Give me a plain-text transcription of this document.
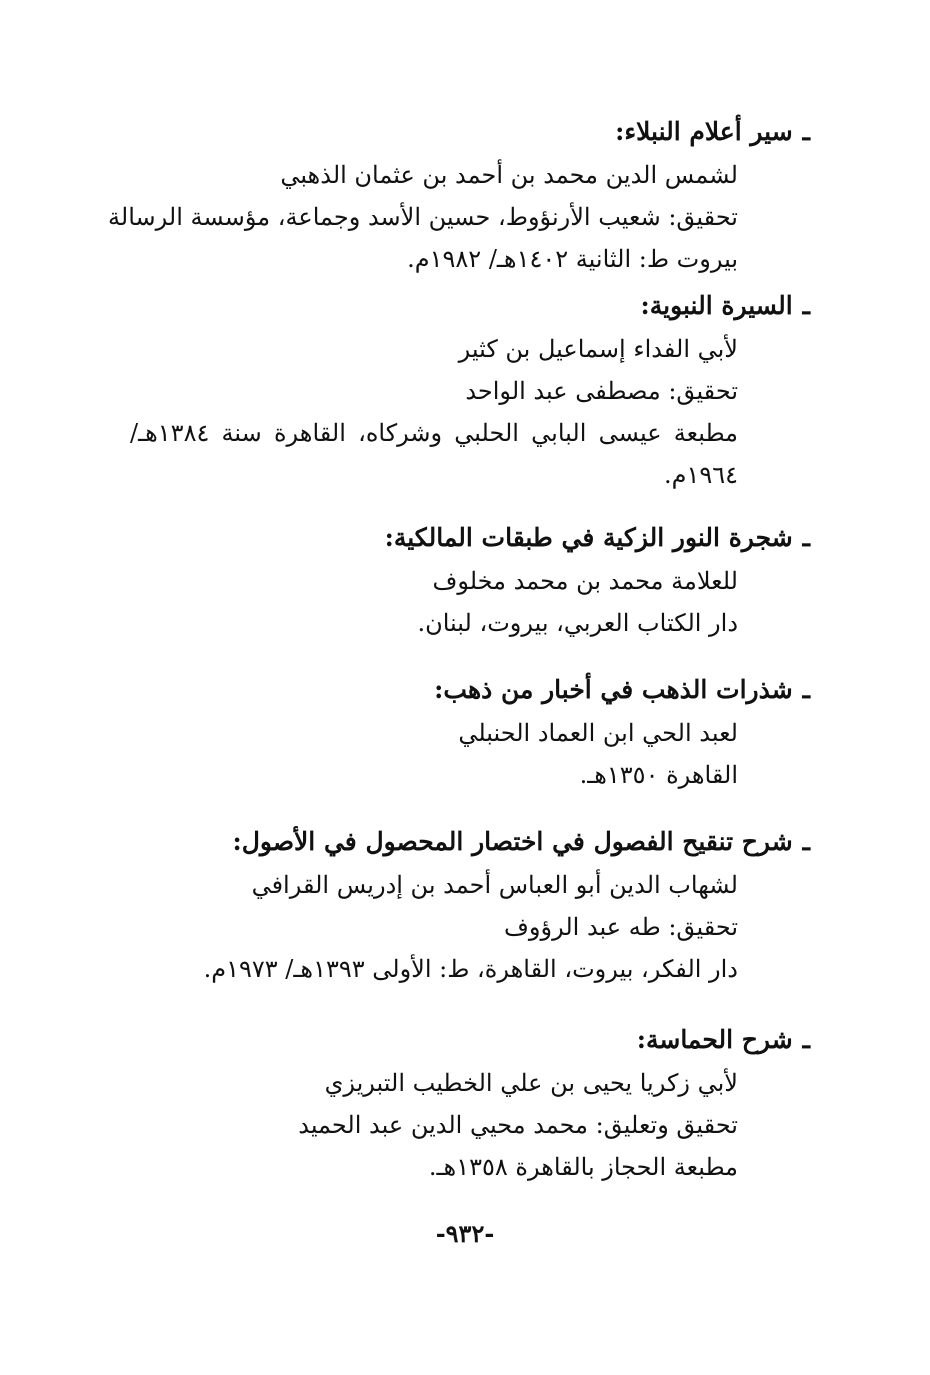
ـسير أعلام النبلاء:
لشمس الدين محمد بن أحمد بن عثمان الذهبي
تحقيق: شعيب الأرنؤوط، حسين الأسد وجماعة، مؤسسة الرسالة
بيروت ط: الثانية ١٤٠٢هـ/ ١٩٨٢م.
ـالسيرة النبوية:
لأبي الفداء إسماعيل بن كثير
تحقيق: مصطفى عبد الواحد
مطبعة عيسى البابي الحلبي وشركاه، القاهرة سنة ١٣٨٤هـ/
١٩٦٤م.
ـشجرة النور الزكية في طبقات المالكية:
للعلامة محمد بن محمد مخلوف
دار الكتاب العربي، بيروت، لبنان.
ـشذرات الذهب في أخبار من ذهب:
لعبد الحي ابن العماد الحنبلي
القاهرة ١٣٥٠هـ.
ـشرح تنقيح الفصول في اختصار المحصول في الأصول:
لشهاب الدين أبو العباس أحمد بن إدريس القرافي
تحقيق: طه عبد الرؤوف
دار الفكر، بيروت، القاهرة، ط: الأولى ١٣٩٣هـ/ ١٩٧٣م.
ـشرح الحماسة:
لأبي زكريا يحيى بن علي الخطيب التبريزي
تحقيق وتعليق: محمد محيي الدين عبد الحميد
مطبعة الحجاز بالقاهرة ١٣٥٨هـ.
-٩٣٢-
